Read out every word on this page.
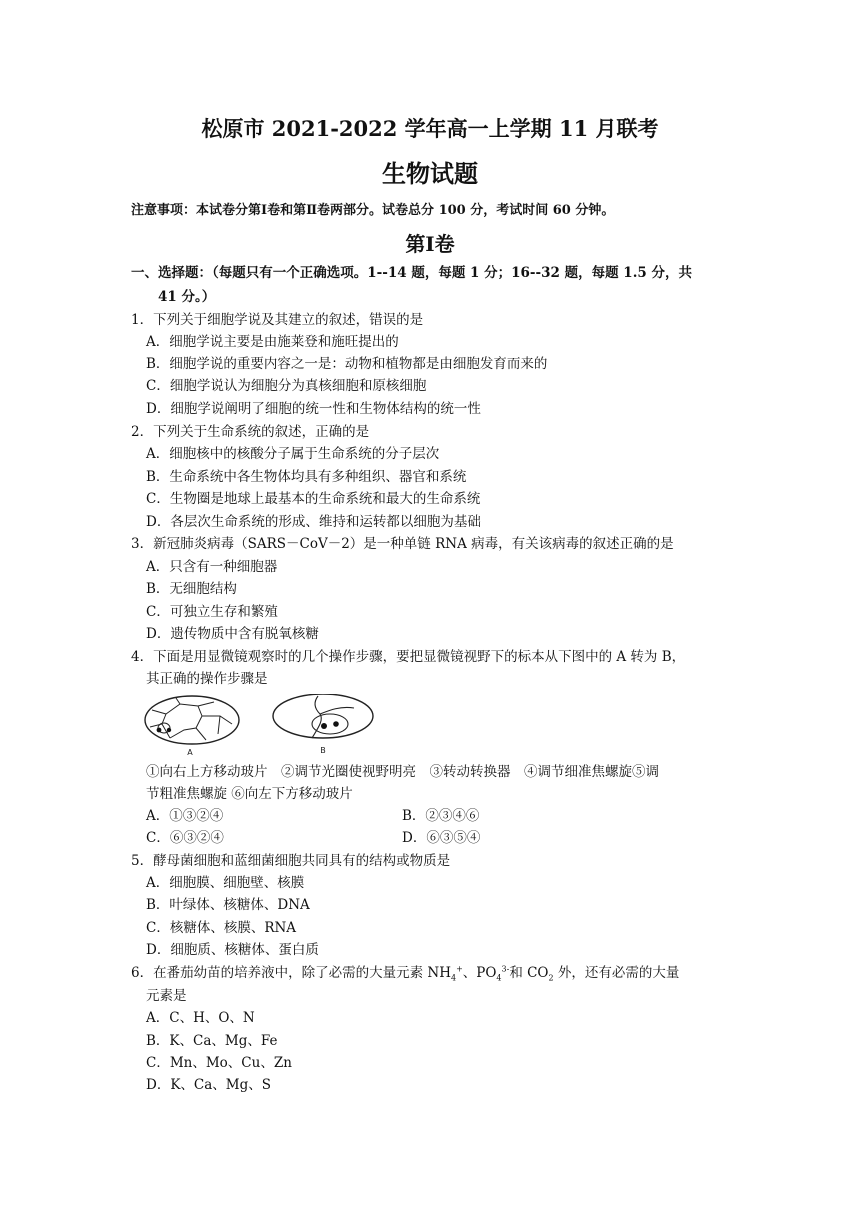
松原市 2021-2022 学年高一上学期 11 月联考
生物试题
注意事项：本试卷分第Ⅰ卷和第Ⅱ卷两部分。试卷总分 100 分，考试时间 60 分钟。
第Ⅰ卷
一、选择题：（每题只有一个正确选项。1--14 题，每题 1 分；16--32 题，每题 1.5 分，共
41 分。）
1．下列关于细胞学说及其建立的叙述，错误的是
A．细胞学说主要是由施莱登和施旺提出的
B．细胞学说的重要内容之一是：动物和植物都是由细胞发育而来的
C．细胞学说认为细胞分为真核细胞和原核细胞
D．细胞学说阐明了细胞的统一性和生物体结构的统一性
2．下列关于生命系统的叙述，正确的是
A．细胞核中的核酸分子属于生命系统的分子层次
B．生命系统中各生物体均具有多种组织、器官和系统
C．生物圈是地球上最基本的生命系统和最大的生命系统
D．各层次生命系统的形成、维持和运转都以细胞为基础
3．新冠肺炎病毒（SARS－CoV－2）是一种单链 RNA 病毒，有关该病毒的叙述正确的是
A．只含有一种细胞器
B．无细胞结构
C．可独立生存和繁殖
D．遗传物质中含有脱氧核糖
4．下面是用显微镜观察时的几个操作步骤，要把显微镜视野下的标本从下图中的 A 转为 B，
其正确的操作步骤是
A	B
①向右上方移动玻片　②调节光圈使视野明亮　③转动转换器　④调节细准焦螺旋⑤调
节粗准焦螺旋 ⑥向左下方移动玻片
A．①③②④	B．②③④⑥
C．⑥③②④	D．⑥③⑤④
5．酵母菌细胞和蓝细菌细胞共同具有的结构或物质是
A．细胞膜、细胞壁、核膜
B．叶绿体、核糖体、DNA
C．核糖体、核膜、RNA
D．细胞质、核糖体、蛋白质
6．在番茄幼苗的培养液中，除了必需的大量元素 $NH_4^+$、$PO_4^{3-}$和 $CO_2$ 外，还有必需的大量
元素是
A．C、H、O、N
B．K、Ca、Mg、Fe
C．Mn、Mo、Cu、Zn
D．K、Ca、Mg、S
